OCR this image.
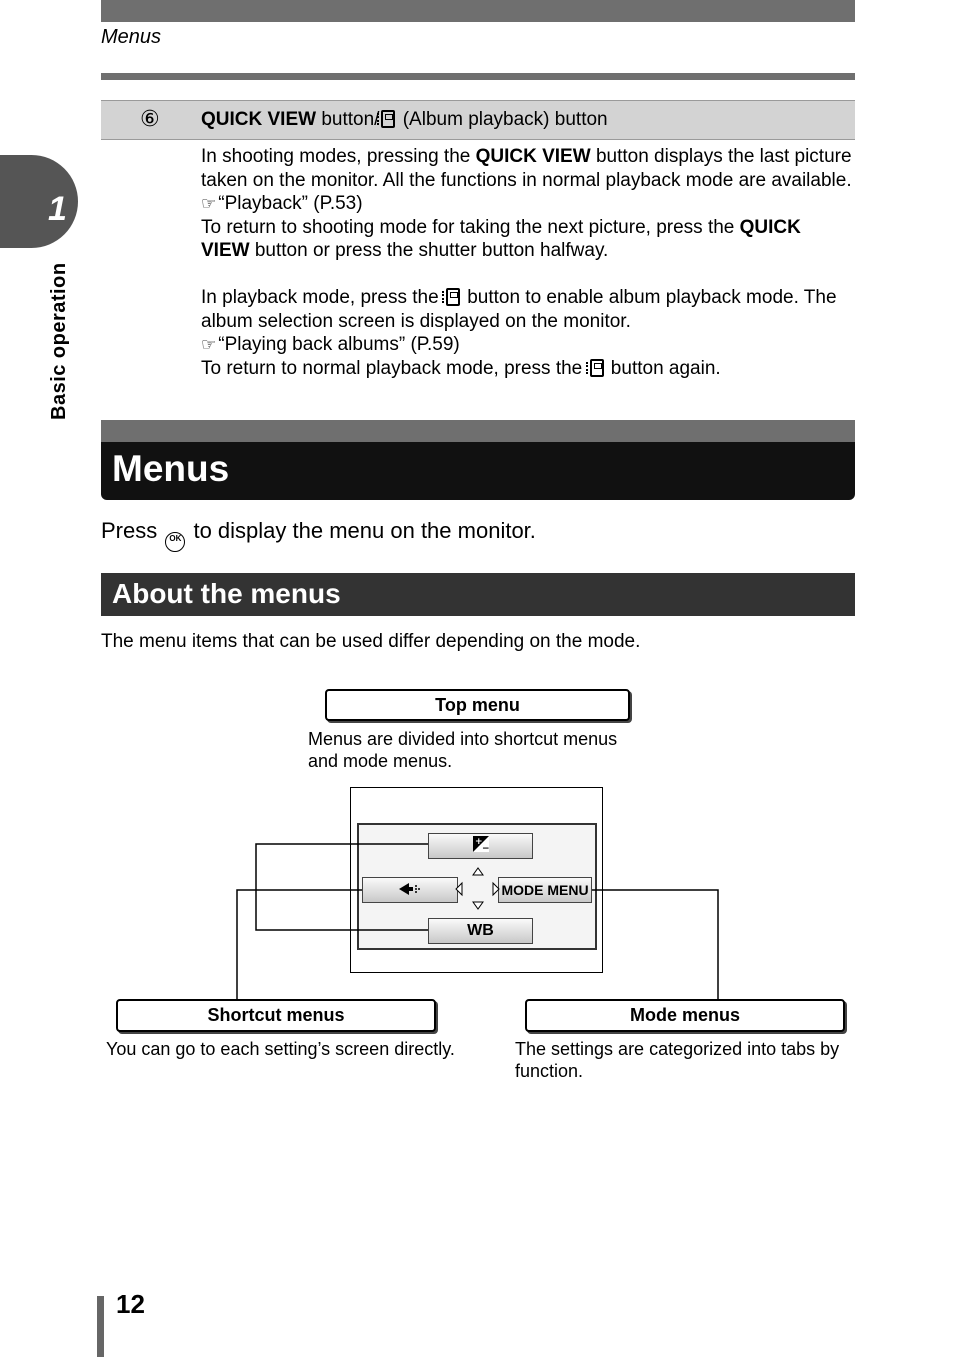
Menus
1
Basic operation
⑥ QUICK VIEW button/ (Album playback) button
In shooting modes, pressing the QUICK VIEW button displays the last picture taken on the monitor. All the functions in normal playback mode are available. ☞ “Playback” (P.53)
To return to shooting mode for taking the next picture, press the QUICK VIEW button or press the shutter button halfway.
In playback mode, press the  button to enable album playback mode. The album selection screen is displayed on the monitor.
☞ “Playing back albums” (P.59)
To return to normal playback mode, press the  button again.
Menus
Press OK to display the menu on the monitor.
About the menus
The menu items that can be used differ depending on the mode.
Top menu
Menus are divided into shortcut menus and mode menus.
+
−
MODE MENU
WB
Shortcut menus
You can go to each setting’s screen directly.
Mode menus
The settings are categorized into tabs by function.
12
